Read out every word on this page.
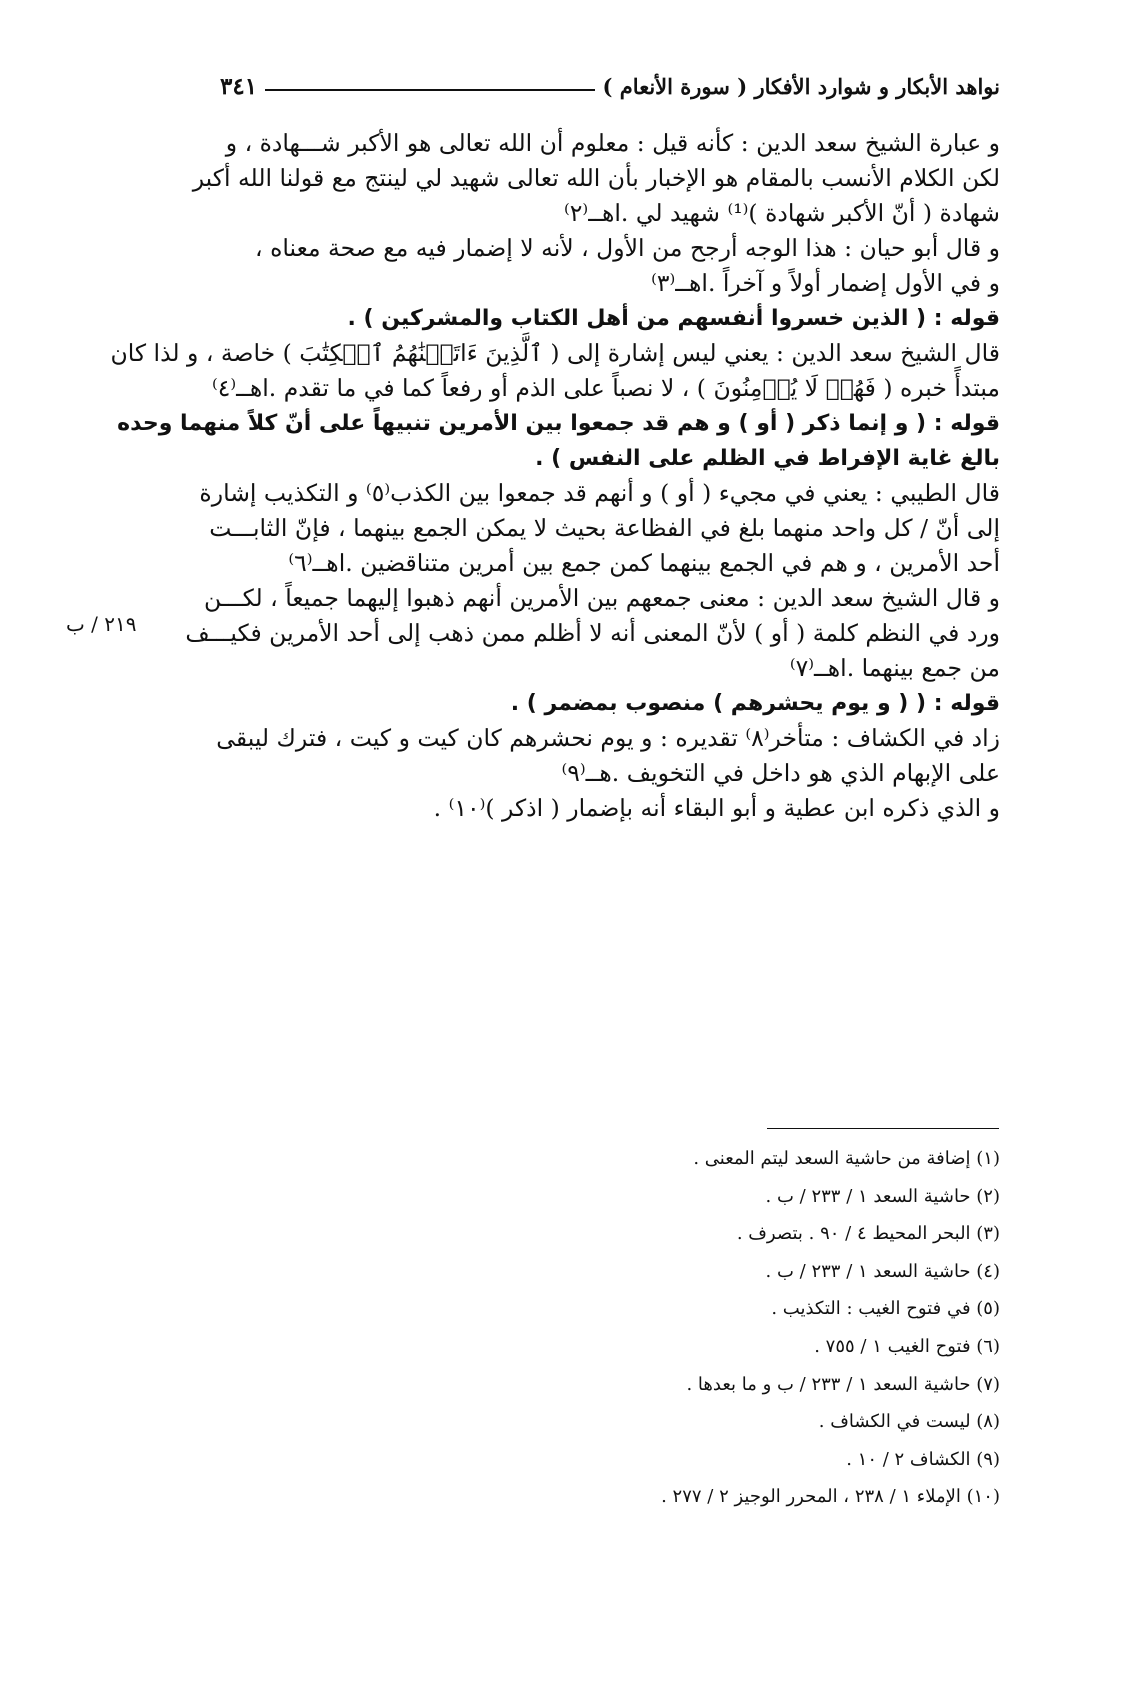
نواهد الأبكار و شوارد الأفكار ( سورة الأنعام )
٣٤١
و عبارة الشيخ سعد الدين : كأنه قيل : معلوم أن الله تعالى هو الأكبر شـــهادة ، و
لكن الكلام الأنسب بالمقام هو الإخبار بأن الله تعالى شهيد لي لينتج مع قولنا الله أكبر
شهادة ( أنّ الأكبر شهادة )⁽¹⁾ شهيد لي .اهــ⁽٢⁾
و قال أبو حيان : هذا الوجه أرجح من الأول ، لأنه لا إضمار فيه مع صحة معناه ،
و في الأول إضمار أولاً و آخراً .اهــ⁽٣⁾
قوله : ( الذين خسروا أنفسهم من أهل الكتاب والمشركين ) .
قال الشيخ سعد الدين : يعني ليس إشارة إلى ( ٱلَّذِينَ ءَاتَيۡنَٰهُمُ ٱلۡكِتَٰبَ ) خاصة ، و لذا كان
مبتدأً خبره ( فَهُمۡ لَا يُؤۡمِنُونَ ) ، لا نصباً على الذم أو رفعاً كما في ما تقدم .اهــ⁽٤⁾
قوله : ( و إنما ذكر ( أو ) و هم قد جمعوا بين الأمرين تنبيهاً على أنّ كلاً منهما وحده
بالغ غاية الإفراط في الظلم على النفس ) .
قال الطيبي : يعني في مجيء ( أو ) و أنهم قد جمعوا بين الكذب⁽٥⁾ و التكذيب إشارة
إلى أنّ / كل واحد منهما بلغ في الفظاعة بحيث لا يمكن الجمع بينهما ، فإنّ الثابـــت
أحد الأمرين ، و هم في الجمع بينهما كمن جمع بين أمرين متناقضين .اهــ⁽٦⁾
و قال الشيخ سعد الدين : معنى جمعهم بين الأمرين أنهم ذهبوا إليهما جميعاً ، لكـــن
ورد في النظم كلمة ( أو ) لأنّ المعنى أنه لا أظلم ممن ذهب إلى أحد الأمرين فكيـــف
من جمع بينهما .اهــ⁽٧⁾
قوله : ( ( و يوم يحشرهم ) منصوب بمضمر ) .
زاد في الكشاف : متأخر⁽٨⁾ تقديره : و يوم نحشرهم كان كيت و كيت ، فترك ليبقى
على الإبهام الذي هو داخل في التخويف .هــ⁽٩⁾
و الذي ذكره ابن عطية و أبو البقاء أنه بإضمار ( اذكر )⁽١٠⁾ .
٢١٩ / ب
(١) إضافة من حاشية السعد ليتم المعنى .
(٢) حاشية السعد ١ / ٢٣٣ / ب .
(٣) البحر المحيط ٤ / ٩٠ . بتصرف .
(٤) حاشية السعد ١ / ٢٣٣ / ب .
(٥) في فتوح الغيب : التكذيب .
(٦) فتوح الغيب ١ / ٧٥٥ .
(٧) حاشية السعد ١ / ٢٣٣ / ب و ما بعدها .
(٨) ليست في الكشاف .
(٩) الكشاف ٢ / ١٠ .
(١٠) الإملاء ١ / ٢٣٨ ، المحرر الوجيز ٢ / ٢٧٧ .
